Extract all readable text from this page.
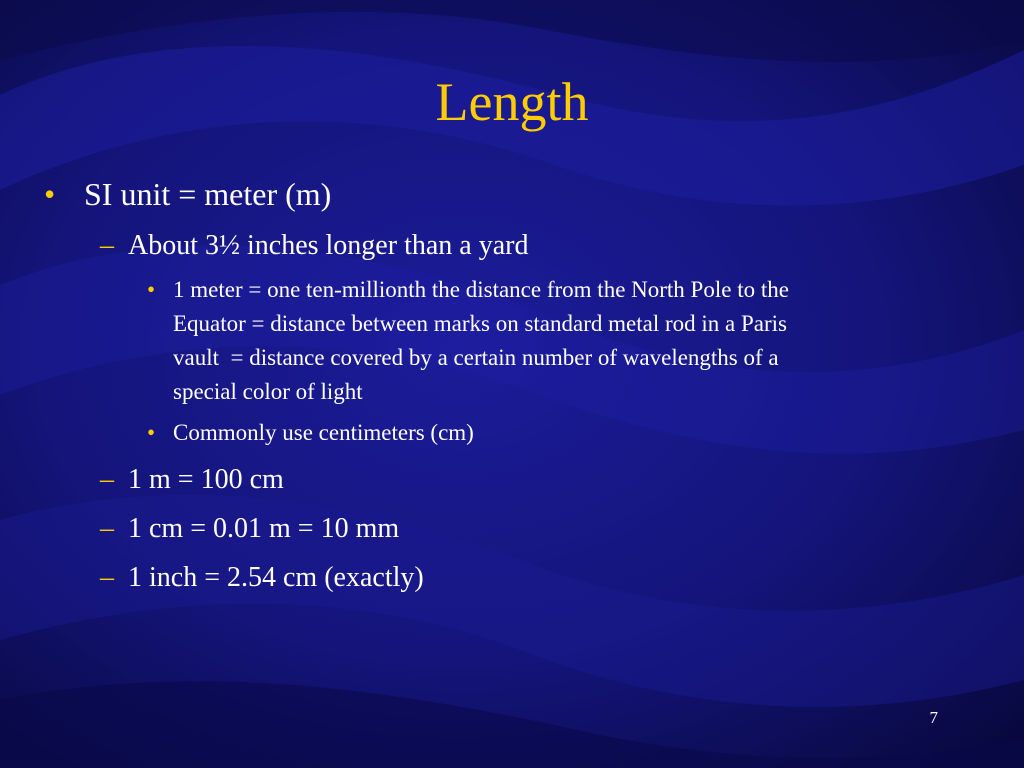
Length
• SI unit = meter (m)
– About 3½ inches longer than a yard
• 1 meter = one ten-millionth the distance from the North Pole to the
Equator = distance between marks on standard metal rod in a Paris
vault  = distance covered by a certain number of wavelengths of a
special color of light
• Commonly use centimeters (cm)
– 1 m = 100 cm
– 1 cm = 0.01 m = 10 mm
– 1 inch = 2.54 cm (exactly)
7
